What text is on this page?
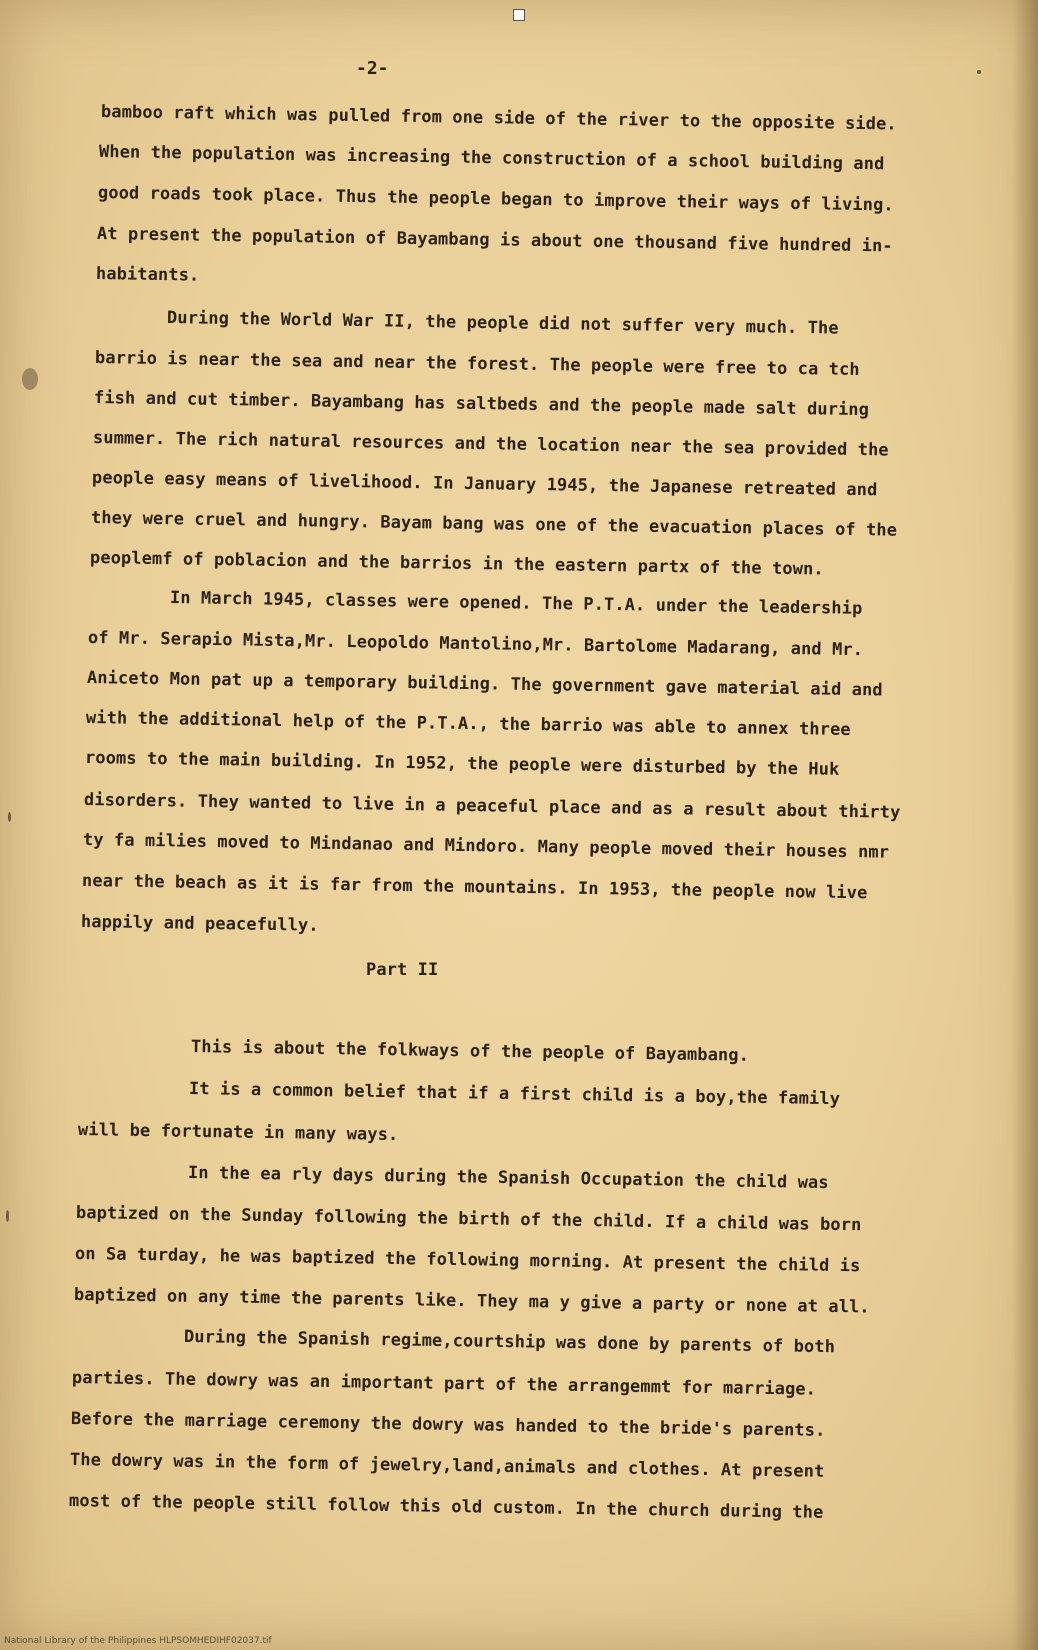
-2-
bamboo raft which was pulled from one side of the river to the opposite side.
When the population was increasing the construction of a school building and
good roads took place. Thus the people began to improve their ways of living.
At present the population of Bayambang is about one thousand five hundred in-
habitants.
During the World War II, the people did not suffer very much. The
barrio is near the sea and near the forest. The people were free to ca tch
fish and cut timber. Bayambang has saltbeds and the people made salt during
summer. The rich natural resources and the location near the sea provided the
people easy means of livelihood. In January 1945, the Japanese retreated and
they were cruel and hungry. Bayam bang was one of the evacuation places of the
peoplemf of poblacion and the barrios in the eastern partx of the town.
In March 1945, classes were opened. The P.T.A. under the leadership
of Mr. Serapio Mista,Mr. Leopoldo Mantolino,Mr. Bartolome Madarang, and Mr.
Aniceto Mon pat up a temporary building. The government gave material aid and
with the additional help of the P.T.A., the barrio was able to annex three
rooms to the main building. In 1952, the people were disturbed by the Huk
disorders. They wanted to live in a peaceful place and as a result about thirty
ty fa milies moved to Mindanao and Mindoro. Many people moved their houses nmr
near the beach as it is far from the mountains. In 1953, the people now live
happily and peacefully.
Part II
This is about the folkways of the people of Bayambang.
It is a common belief that if a first child is a boy,the family
will be fortunate in many ways.
In the ea rly days during the Spanish Occupation the child was
baptized on the Sunday following the birth of the child. If a child was born
on Sa turday, he was baptized the following morning. At present the child is
baptized on any time the parents like. They ma y give a party or none at all.
During the Spanish regime,courtship was done by parents of both
parties. The dowry was an important part of the arrangemmt for marriage.
Before the marriage ceremony the dowry was handed to the bride's parents.
The dowry was in the form of jewelry,land,animals and clothes. At present
most of the people still follow this old custom. In the church during the
National Library of the Philippines HLPSOMHEDIHF02037.tif
